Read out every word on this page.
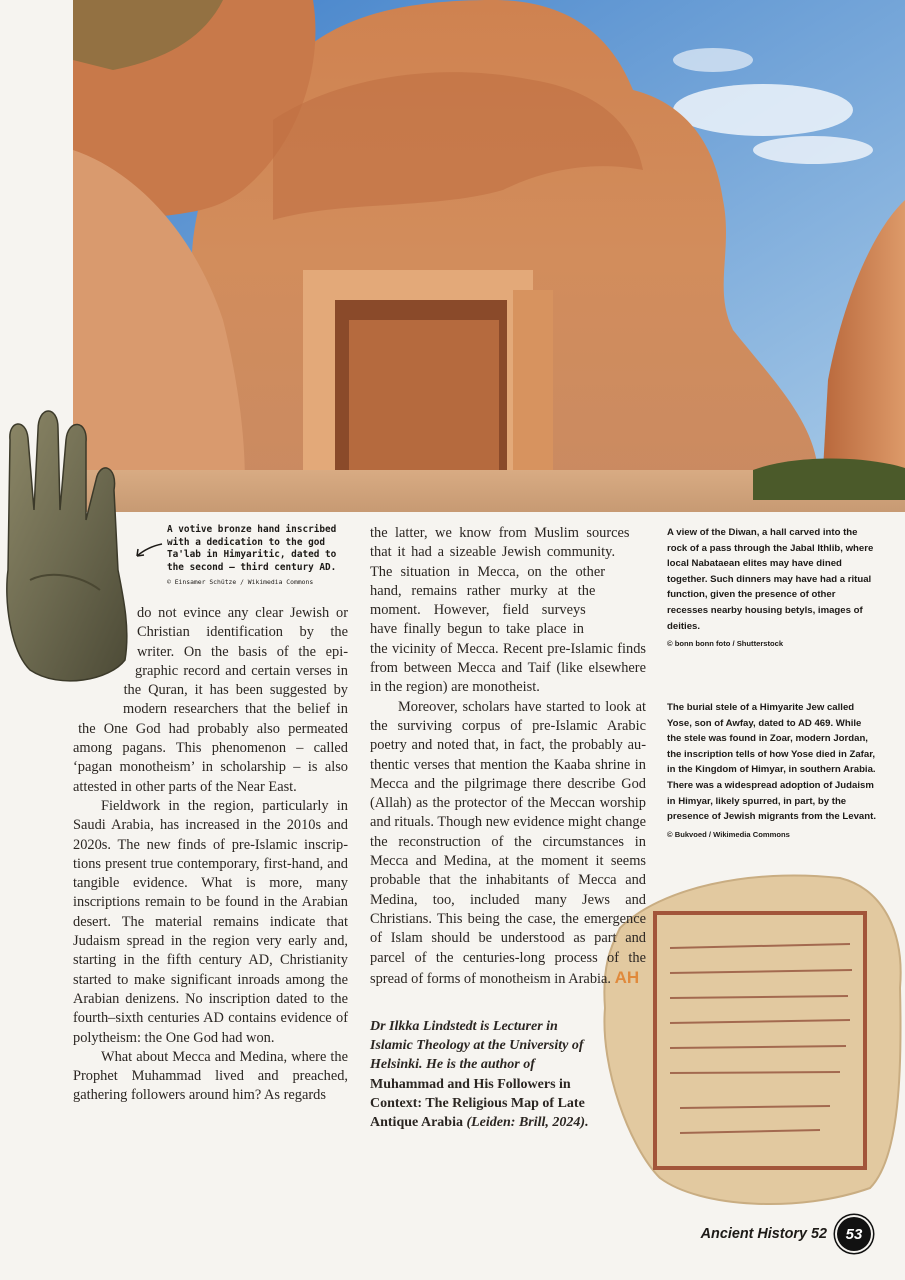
A votive bronze hand inscribed with a dedication to the god Ta'lab in Himyaritic, dated to the second – third century AD.
© Einsamer Schütze / Wikimedia Commons
A view of the Diwan, a hall carved into the rock of a pass through the Jabal Ithlib, where local Nabataean elites may have dined together. Such dinners may have had a ritual function, given the presence of other recesses nearby housing betyls, images of deities.
© bonn bonn foto / Shutterstock
The burial stele of a Himyarite Jew called Yose, son of Awfay, dated to AD 469. While the stele was found in Zoar, modern Jordan, the inscription tells of how Yose died in Zafar, in the Kingdom of Himyar, in southern Arabia. There was a widespread adoption of Judaism in Himyar, likely spurred, in part, by the presence of Jewish migrants from the Levant.
© Bukvoed / Wikimedia Commons

do not evince any clear Jewish or Christian identification by the writer. On the basis of the epigraphic record and certain verses in the Quran, it has been suggested by modern researchers that the belief in the One God had probably also permeated among pagans. This phenomenon – called ‘pagan monotheism’ in scholarship – is also attested in other parts of the Near East.

Fieldwork in the region, particularly in Saudi Arabia, has increased in the 2010s and 2020s. The new finds of pre-Islamic inscriptions present true contemporary, first-hand, and tangible evidence. What is more, many inscriptions remain to be found in the Arabian desert. The material remains indicate that Judaism spread in the region very early and, starting in the fifth century AD, Christianity started to make significant inroads among the Arabian denizens. No inscription dated to the fourth–sixth centuries AD contains evidence of polytheism: the One God had won.

What about Mecca and Medina, where the Prophet Muhammad lived and preached, gathering followers around him? As regards

the latter, we know from Muslim sources that it had a sizeable Jewish community. The situation in Mecca, on the other hand, remains rather murky at the moment. However, field surveys have finally begun to take place in the vicinity of Mecca. Recent pre-Islamic finds from between Mecca and Taif (like elsewhere in the region) are monotheist.

Moreover, scholars have started to look at the surviving corpus of pre-Islamic Arabic poetry and noted that, in fact, the probably authentic verses that mention the Kaaba shrine in Mecca and the pilgrimage there describe God (Allah) as the protector of the Meccan worship and rituals. Though new evidence might change the reconstruction of the circumstances in Mecca and Medina, at the moment it seems probable that the inhabitants of Mecca and Medina, too, included many Jews and Christians. This being the case, the emergence of Islam should be understood as part and parcel of the centuries-long process of the spread of forms of monotheism in Arabia. AH

Dr Ilkka Lindstedt is Lecturer in Islamic Theology at the University of Helsinki. He is the author of Muhammad and His Followers in Context: The Religious Map of Late Antique Arabia (Leiden: Brill, 2024).
Ancient History 52	53
